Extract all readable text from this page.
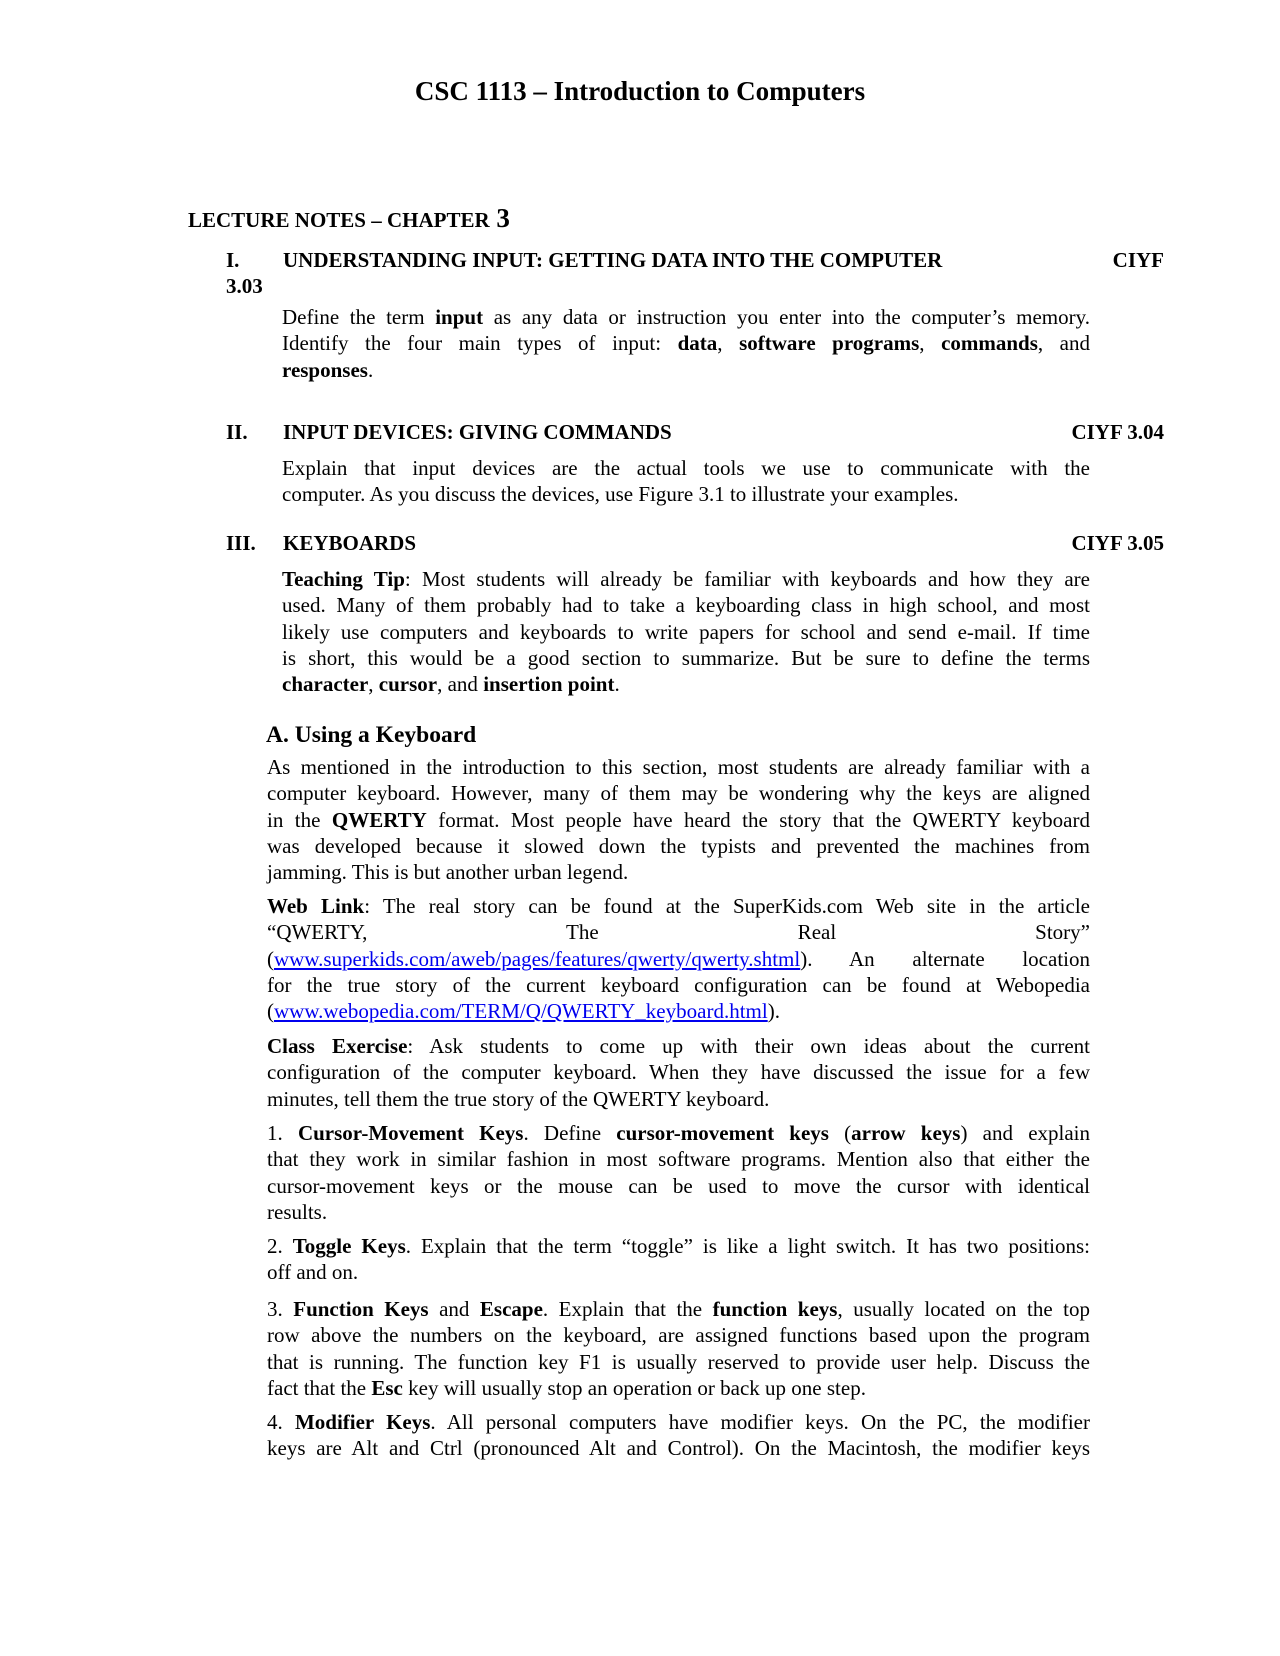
CSC 1113 – Introduction to Computers
LECTURE NOTES – CHAPTER 3
I. UNDERSTANDING INPUT: GETTING DATA INTO THE COMPUTER	CIYF
3.03
Define the term input as any data or instruction you enter into the computer’s memory.
Identify the four main types of input: data, software programs, commands, and
responses.
II. INPUT DEVICES: GIVING COMMANDS	CIYF 3.04
Explain that input devices are the actual tools we use to communicate with the
computer. As you discuss the devices, use Figure 3.1 to illustrate your examples.
III. KEYBOARDS	CIYF 3.05
Teaching Tip: Most students will already be familiar with keyboards and how they are
used. Many of them probably had to take a keyboarding class in high school, and most
likely use computers and keyboards to write papers for school and send e-mail. If time
is short, this would be a good section to summarize. But be sure to define the terms
character, cursor, and insertion point.
A. Using a Keyboard
As mentioned in the introduction to this section, most students are already familiar with a
computer keyboard. However, many of them may be wondering why the keys are aligned
in the QWERTY format. Most people have heard the story that the QWERTY keyboard
was developed because it slowed down the typists and prevented the machines from
jamming. This is but another urban legend.
Web Link: The real story can be found at the SuperKids.com Web site in the article
“QWERTY, The Real Story”
(www.superkids.com/aweb/pages/features/qwerty/qwerty.shtml). An alternate location
for the true story of the current keyboard configuration can be found at Webopedia
(www.webopedia.com/TERM/Q/QWERTY_keyboard.html).
Class Exercise: Ask students to come up with their own ideas about the current
configuration of the computer keyboard. When they have discussed the issue for a few
minutes, tell them the true story of the QWERTY keyboard.
1. Cursor-Movement Keys. Define cursor-movement keys (arrow keys) and explain
that they work in similar fashion in most software programs. Mention also that either the
cursor-movement keys or the mouse can be used to move the cursor with identical
results.
2. Toggle Keys. Explain that the term “toggle” is like a light switch. It has two positions:
off and on.
3. Function Keys and Escape. Explain that the function keys, usually located on the top
row above the numbers on the keyboard, are assigned functions based upon the program
that is running. The function key F1 is usually reserved to provide user help. Discuss the
fact that the Esc key will usually stop an operation or back up one step.
4. Modifier Keys. All personal computers have modifier keys. On the PC, the modifier
keys are Alt and Ctrl (pronounced Alt and Control). On the Macintosh, the modifier keys
